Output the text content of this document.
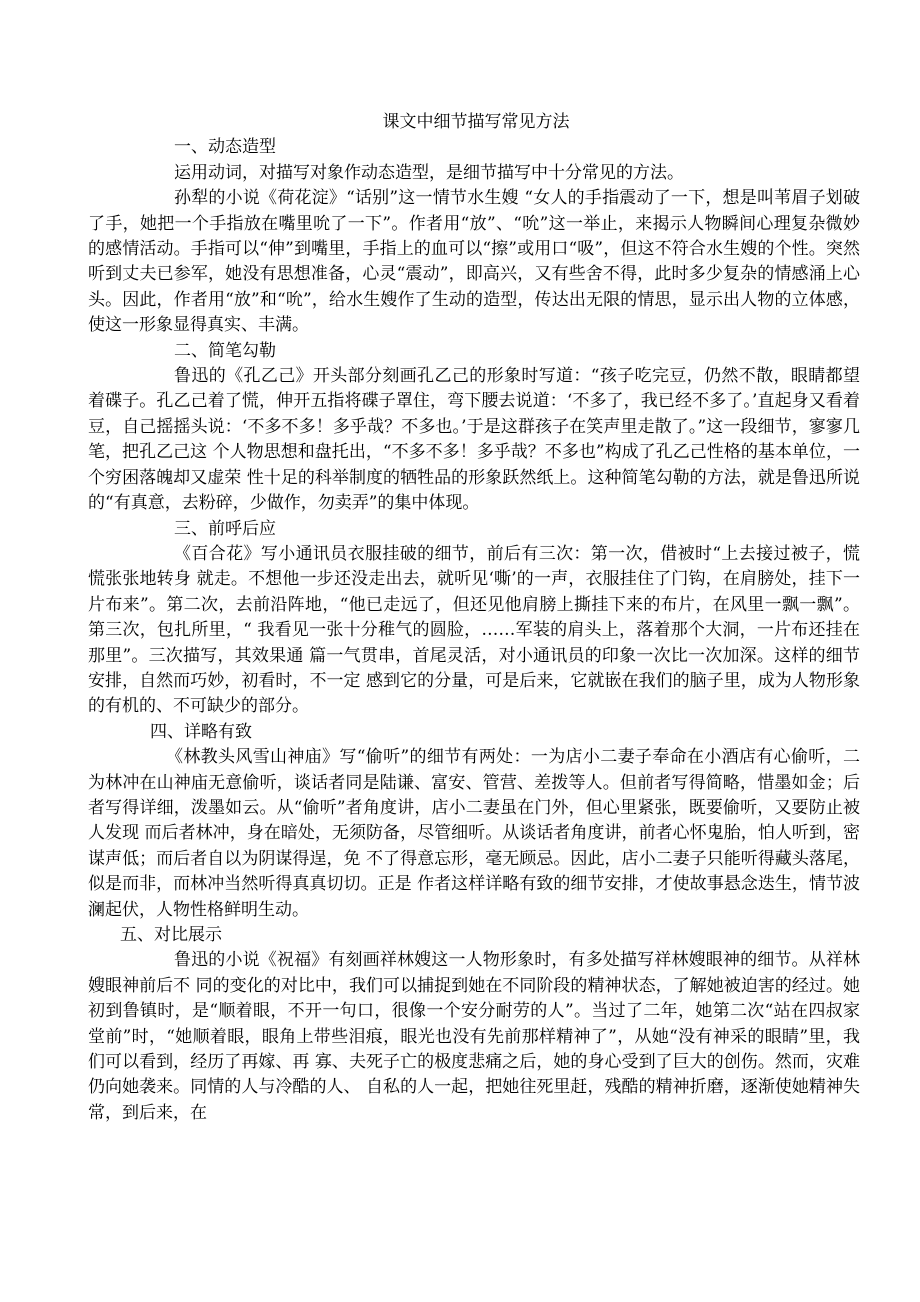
课文中细节描写常见方法
一、动态造型

运用动词，对描写对象作动态造型，是细节描写中十分常见的方法。

孙犁的小说《荷花淀》“话别”这一情节水生嫂 “女人的手指震动了一下，想是叫苇眉子划破了手，她把一个手指放在嘴里吮了一下”。作者用“放”、“吮”这一举止，来揭示人物瞬间心理复杂微妙的感情活动。手指可以“伸”到嘴里，手指上的血可以“擦”或用口“吸”，但这不符合水生嫂的个性。突然听到丈夫已参军，她没有思想准备，心灵“震动”，即高兴，又有些舍不得，此时多少复杂的情感涌上心头。因此，作者用“放”和“吮”，给水生嫂作了生动的造型，传达出无限的情思，显示出人物的立体感，使这一形象显得真实、丰满。

二、简笔勾勒

鲁迅的《孔乙己》开头部分刻画孔乙己的形象时写道：“孩子吃完豆，仍然不散，眼睛都望着碟子。孔乙己着了慌，伸开五指将碟子罩住，弯下腰去说道：‘不多了，我已经不多了。’直起身又看着豆，自己摇摇头说：‘不多不多！多乎哉？不多也。’于是这群孩子在笑声里走散了。”这一段细节，寥寥几笔，把孔乙己这 个人物思想和盘托出，“不多不多！多乎哉？不多也”构成了孔乙己性格的基本单位，一个穷困落魄却又虚荣 性十足的科举制度的牺牲品的形象跃然纸上。这种简笔勾勒的方法，就是鲁迅所说的“有真意，去粉碎，少做作，勿卖弄”的集中体现。

三、前呼后应

《百合花》写小通讯员衣服挂破的细节，前后有三次：第一次，借被时“上去接过被子，慌慌张张地转身 就走。不想他一步还没走出去，就听见‘嘶’的一声，衣服挂住了门钩，在肩膀处，挂下一片布来”。第二次，去前沿阵地，“他已走远了，但还见他肩膀上撕挂下来的布片，在风里一飘一飘”。第三次，包扎所里，“ 我看见一张十分稚气的圆脸，……军装的肩头上，落着那个大洞，一片布还挂在那里”。三次描写，其效果通 篇一气贯串，首尾灵活，对小通讯员的印象一次比一次加深。这样的细节安排，自然而巧妙，初看时，不一定 感到它的分量，可是后来，它就嵌在我们的脑子里，成为人物形象的有机的、不可缺少的部分。

四、详略有致

《林教头风雪山神庙》写“偷听”的细节有两处：一为店小二妻子奉命在小酒店有心偷听，二为林冲在山神庙无意偷听，谈话者同是陆谦、富安、管营、差拨等人。但前者写得简略，惜墨如金；后者写得详细，泼墨如云。从“偷听”者角度讲，店小二妻虽在门外，但心里紧张，既要偷听，又要防止被人发现 而后者林冲，身在暗处，无须防备，尽管细听。从谈话者角度讲，前者心怀鬼胎，怕人听到，密谋声低；而后者自以为阴谋得逞，免 不了得意忘形，毫无顾忌。因此，店小二妻子只能听得藏头落尾，似是而非，而林冲当然听得真真切切。正是 作者这样详略有致的细节安排，才使故事悬念迭生，情节波澜起伏，人物性格鲜明生动。

五、对比展示

鲁迅的小说《祝福》有刻画祥林嫂这一人物形象时，有多处描写祥林嫂眼神的细节。从祥林嫂眼神前后不 同的变化的对比中，我们可以捕捉到她在不同阶段的精神状态，了解她被迫害的经过。她初到鲁镇时，是“顺着眼，不开一句口，很像一个安分耐劳的人”。当过了二年，她第二次“站在四叔家堂前”时，“她顺着眼，眼角上带些泪痕，眼光也没有先前那样精神了”，从她“没有神采的眼睛”里，我们可以看到，经历了再嫁、再 寡、夫死子亡的极度悲痛之后，她的身心受到了巨大的创伤。然而，灾难仍向她袭来。同情的人与冷酷的人、 自私的人一起，把她往死里赶，残酷的精神折磨，逐渐使她精神失常，到后来，在
